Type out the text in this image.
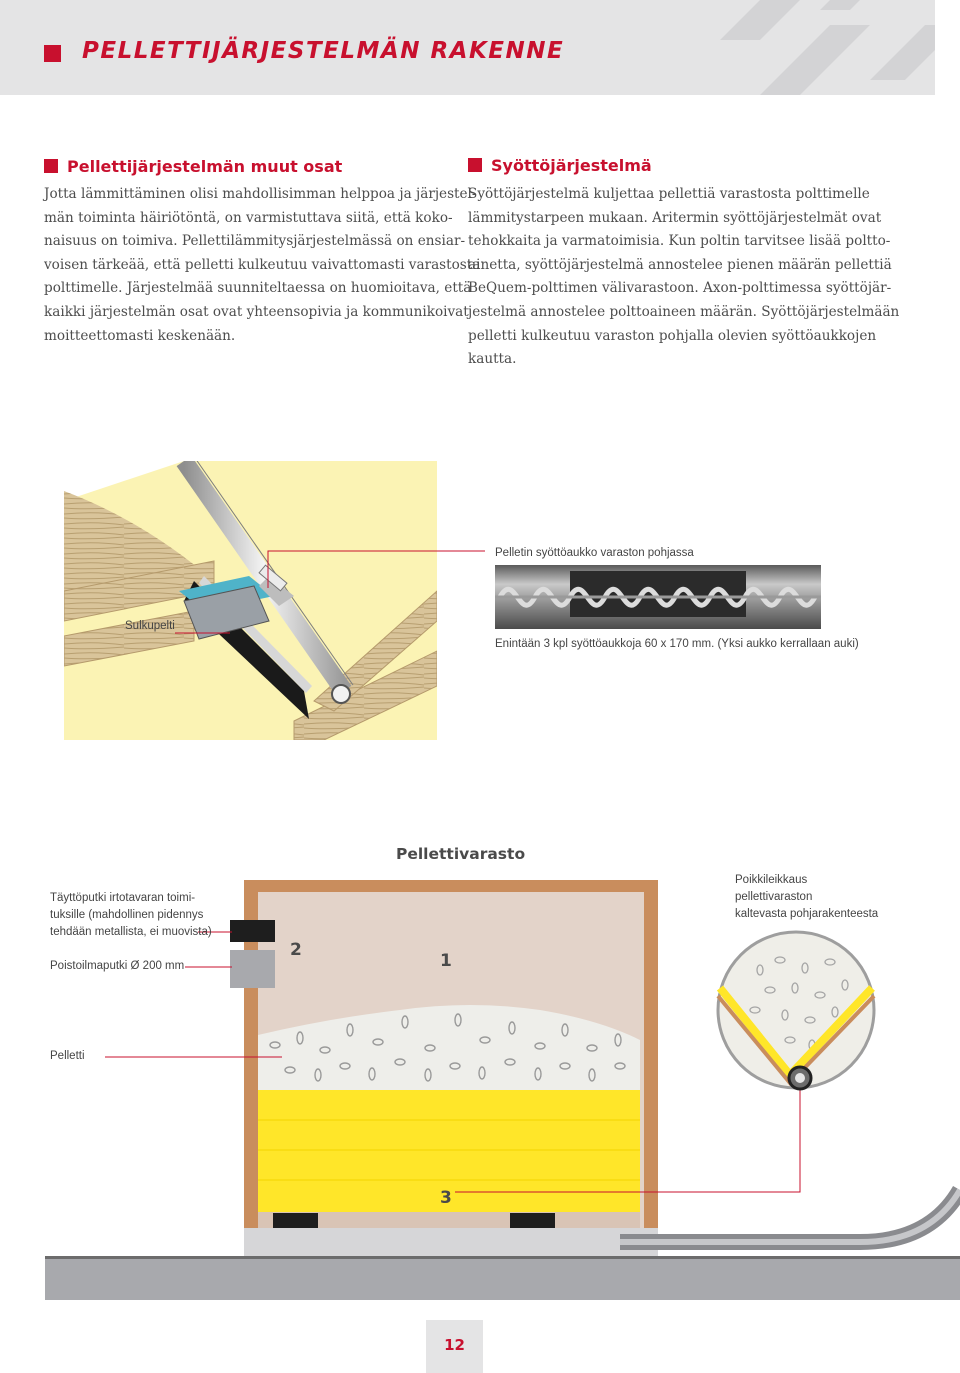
PELLETTIJÄRJESTELMÄN RAKENNE
Pellettijärjestelmän muut osat
Jotta lämmittäminen olisi mahdollisimman helppoa ja järjestel-
män toiminta häiriötöntä, on varmistuttava siitä, että koko-
naisuus on toimiva. Pellettilämmitysjärjestelmässä on ensiar-
voisen tärkeää, että pelletti kulkeutuu vaivattomasti varastosta
polttimelle. Järjestelmää suunniteltaessa on huomioitava, että
kaikki järjestelmän osat ovat yhteensopivia ja kommunikoivat
moitteettomasti keskenään.
Syöttöjärjestelmä
Syöttöjärjestelmä kuljettaa pellettiä varastosta polttimelle
lämmitystarpeen mukaan. Aritermin syöttöjärjestelmät ovat
tehokkaita ja varmatoimisia. Kun poltin tarvitsee lisää poltto-
ainetta, syöttöjärjestelmä annostelee pienen määrän pellettiä
BeQuem-polttimen välivarastoon. Axon-polttimessa syöttöjär-
jestelmä annostelee polttoaineen määrän. Syöttöjärjestelmään
pelletti kulkeutuu varaston pohjalla olevien syöttöaukkojen
kautta.
Pelletin syöttöaukko varaston pohjassa
Sulkupelti
Enintään 3 kpl syöttöaukkoja 60 x 170 mm. (Yksi aukko kerrallaan auki)
Pellettivarasto
2
1
3
Täyttöputki irtotavaran toimi-
tuksille (mahdollinen pidennys
tehdään metallista, ei muovista)
Poistoilmaputki Ø 200 mm
Pelletti
Poikkileikkaus
pellettivaraston
kaltevasta pohjarakenteesta
12
